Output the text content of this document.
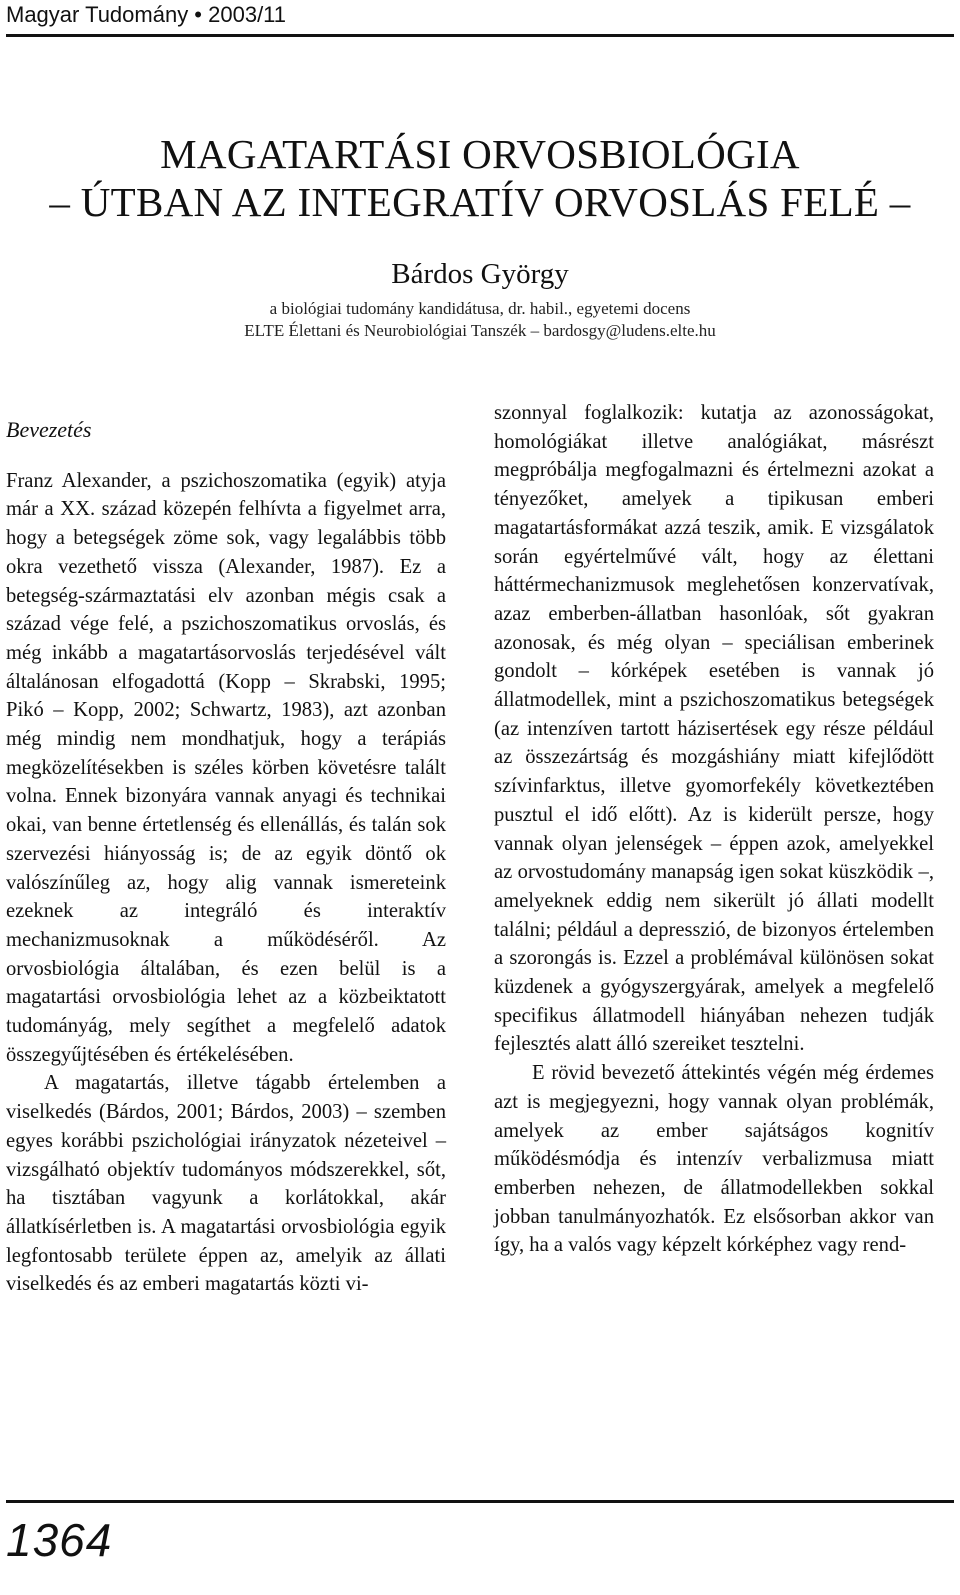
Magyar Tudomány • 2003/11
MAGATARTÁSI ORVOSBIOLÓGIA
– ÚTBAN AZ INTEGRATÍV ORVOSLÁS FELÉ –
Bárdos György
a biológiai tudomány kandidátusa, dr. habil., egyetemi docens
ELTE Élettani és Neurobiológiai Tanszék – bardosgy@ludens.elte.hu
Bevezetés

Franz Alexander, a pszichoszomatika (egyik) atyja már a XX. század közepén felhívta a figyelmet arra, hogy a betegségek zöme sok, vagy legalábbis több okra vezethető vissza (Alexander, 1987). Ez a betegség-származtatási elv azonban mégis csak a század vége felé, a pszichoszomatikus orvoslás, és még inkább a magatartásorvoslás terjedésével vált általánosan elfogadottá (Kopp – Skrabski, 1995; Pikó – Kopp, 2002; Schwartz, 1983), azt azonban még mindig nem mondhatjuk, hogy a terápiás megközelítésekben is széles körben követésre talált volna. Ennek bizonyára vannak anyagi és technikai okai, van benne értetlenség és ellenállás, és talán sok szervezési hiányosság is; de az egyik döntő ok valószínűleg az, hogy alig vannak ismereteink ezeknek az integráló és interaktív mechanizmusoknak a működéséről. Az orvosbiológia általában, és ezen belül is a magatartási orvosbiológia lehet az a közbeiktatott tudományág, mely segíthet a megfelelő adatok összegyűjtésében és értékelésében.

A magatartás, illetve tágabb értelemben a viselkedés (Bárdos, 2001; Bárdos, 2003) – szemben egyes korábbi pszichológiai irányzatok nézeteivel – vizsgálható objektív tudományos módszerekkel, sőt, ha tisztában vagyunk a korlátokkal, akár állatkísérletben is. A magatartási orvosbiológia egyik legfontosabb területe éppen az, amelyik az állati viselkedés és az emberi magatartás közti vi-

szonnyal foglalkozik: kutatja az azonosságokat, homológiákat illetve analógiákat, másrészt megpróbálja megfogalmazni és értelmezni azokat a tényezőket, amelyek a tipikusan emberi magatartásformákat azzá teszik, amik. E vizsgálatok során egyértelművé vált, hogy az élettani háttérmechanizmusok meglehetősen konzervatívak, azaz emberben-állatban hasonlóak, sőt gyakran azonosak, és még olyan – speciálisan emberinek gondolt – kórképek esetében is vannak jó állatmodellek, mint a pszichoszomatikus betegségek (az intenzíven tartott házisertések egy része például az összezártság és mozgáshiány miatt kifejlődött szívinfarktus, illetve gyomorfekély következtében pusztul el idő előtt). Az is kiderült persze, hogy vannak olyan jelenségek – éppen azok, amelyekkel az orvostudomány manapság igen sokat küszködik –, amelyeknek eddig nem sikerült jó állati modellt találni; például a depresszió, de bizonyos értelemben a szorongás is. Ezzel a problémával különösen sokat küzdenek a gyógyszergyárak, amelyek a megfelelő specifikus állatmodell hiányában nehezen tudják fejlesztés alatt álló szereiket tesztelni.

E rövid bevezető áttekintés végén még érdemes azt is megjegyezni, hogy vannak olyan problémák, amelyek az ember sajátságos kognitív működésmódja és intenzív verbalizmusa miatt emberben nehezen, de állatmodellekben sokkal jobban tanulmányozhatók. Ez elsősorban akkor van így, ha a valós vagy képzelt kórképhez vagy rend-

1364
